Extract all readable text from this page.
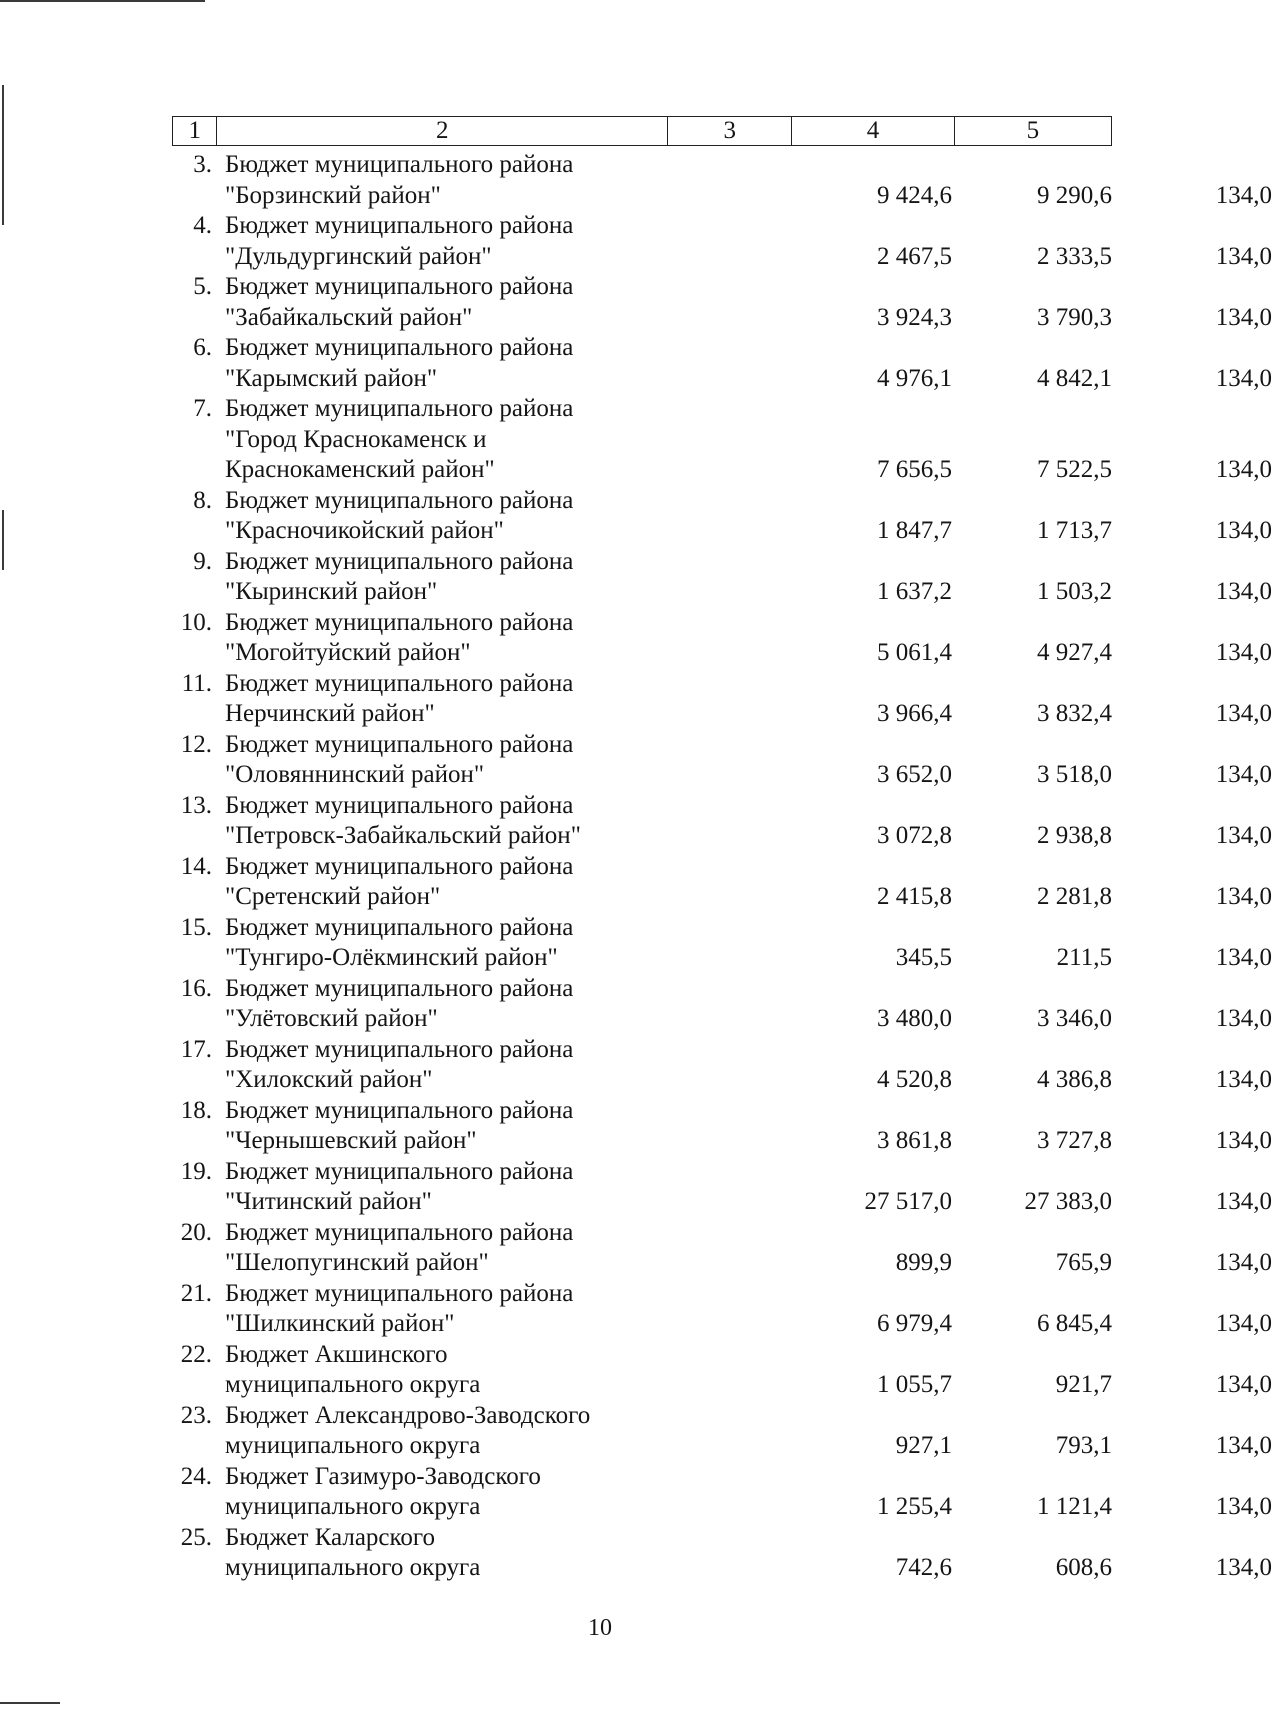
1	2	3	4	5
3. Бюджет муниципального района
"Борзинский район"	9 424,6	9 290,6	134,0
4. Бюджет муниципального района
"Дульдургинский район"	2 467,5	2 333,5	134,0
5. Бюджет муниципального района
"Забайкальский район"	3 924,3	3 790,3	134,0
6. Бюджет муниципального района
"Карымский район"	4 976,1	4 842,1	134,0
7. Бюджет муниципального района
"Город Краснокаменск и
Краснокаменский район"	7 656,5	7 522,5	134,0
8. Бюджет муниципального района
"Красночикойский район"	1 847,7	1 713,7	134,0
9. Бюджет муниципального района
"Кыринский район"	1 637,2	1 503,2	134,0
10. Бюджет муниципального района
"Могойтуйский район"	5 061,4	4 927,4	134,0
11. Бюджет муниципального района
Нерчинский район"	3 966,4	3 832,4	134,0
12. Бюджет муниципального района
"Оловяннинский район"	3 652,0	3 518,0	134,0
13. Бюджет муниципального района
"Петровск-Забайкальский район"	3 072,8	2 938,8	134,0
14. Бюджет муниципального района
"Сретенский район"	2 415,8	2 281,8	134,0
15. Бюджет муниципального района
"Тунгиро-Олёкминский район"	345,5	211,5	134,0
16. Бюджет муниципального района
"Улётовский район"	3 480,0	3 346,0	134,0
17. Бюджет муниципального района
"Хилокский район"	4 520,8	4 386,8	134,0
18. Бюджет муниципального района
"Чернышевский район"	3 861,8	3 727,8	134,0
19. Бюджет муниципального района
"Читинский район"	27 517,0	27 383,0	134,0
20. Бюджет муниципального района
"Шелопугинский район"	899,9	765,9	134,0
21. Бюджет муниципального района
"Шилкинский район"	6 979,4	6 845,4	134,0
22. Бюджет Акшинского
муниципального округа	1 055,7	921,7	134,0
23. Бюджет Александрово-Заводского
муниципального округа	927,1	793,1	134,0
24. Бюджет Газимуро-Заводского
муниципального округа	1 255,4	1 121,4	134,0
25. Бюджет Каларского
муниципального округа	742,6	608,6	134,0
10
